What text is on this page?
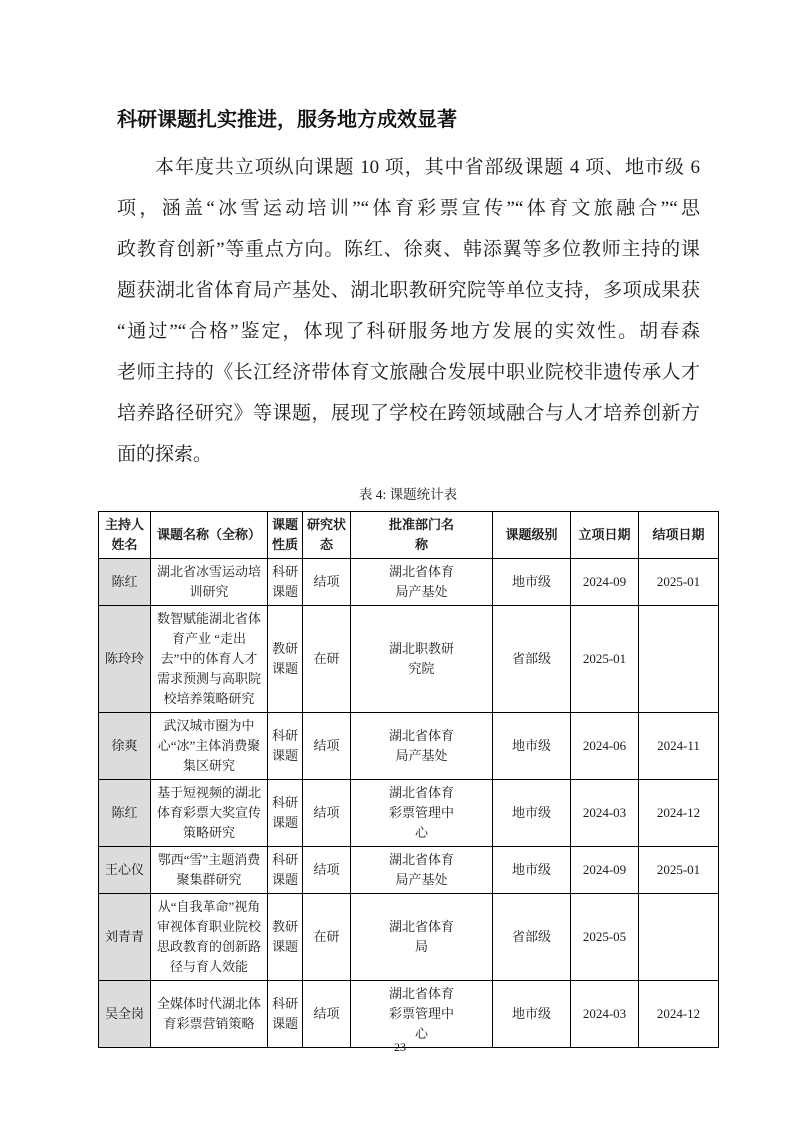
科研课题扎实推进，服务地方成效显著
本年度共立项纵向课题 10 项，其中省部级课题 4 项、地市级 6
项，涵盖“冰雪运动培训”“体育彩票宣传”“体育文旅融合”“思
政教育创新”等重点方向。陈红、徐爽、韩添翼等多位教师主持的课
题获湖北省体育局产基处、湖北职教研究院等单位支持，多项成果获
“通过”“合格”鉴定，体现了科研服务地方发展的实效性。胡春森
老师主持的《长江经济带体育文旅融合发展中职业院校非遗传承人才
培养路径研究》等课题，展现了学校在跨领域融合与人才培养创新方
面的探索。
表 4: 课题统计表
主持人姓名	课题名称（全称）	课题性质	研究状态	批准部门名称	课题级别	立项日期	结项日期
陈红	湖北省冰雪运动培训研究	科研课题	结项	湖北省体育局产基处	地市级	2024-09	2025-01
陈玲玲	数智赋能湖北省体育产业 “走出去”中的体育人才需求预测与高职院校培养策略研究	教研课题	在研	湖北职教研究院	省部级	2025-01	
徐爽	武汉城市圈为中心“冰”主体消费聚集区研究	科研课题	结项	湖北省体育局产基处	地市级	2024-06	2024-11
陈红	基于短视频的湖北体育彩票大奖宣传策略研究	科研课题	结项	湖北省体育彩票管理中心	地市级	2024-03	2024-12
王心仪	鄂西“雪”主题消费聚集群研究	科研课题	结项	湖北省体育局产基处	地市级	2024-09	2025-01
刘青青	从“自我革命”视角审视体育职业院校思政教育的创新路径与育人效能	教研课题	在研	湖北省体育局	省部级	2025-05	
吴全岗	全媒体时代湖北体育彩票营销策略	科研课题	结项	湖北省体育彩票管理中心	地市级	2024-03	2024-12
23
